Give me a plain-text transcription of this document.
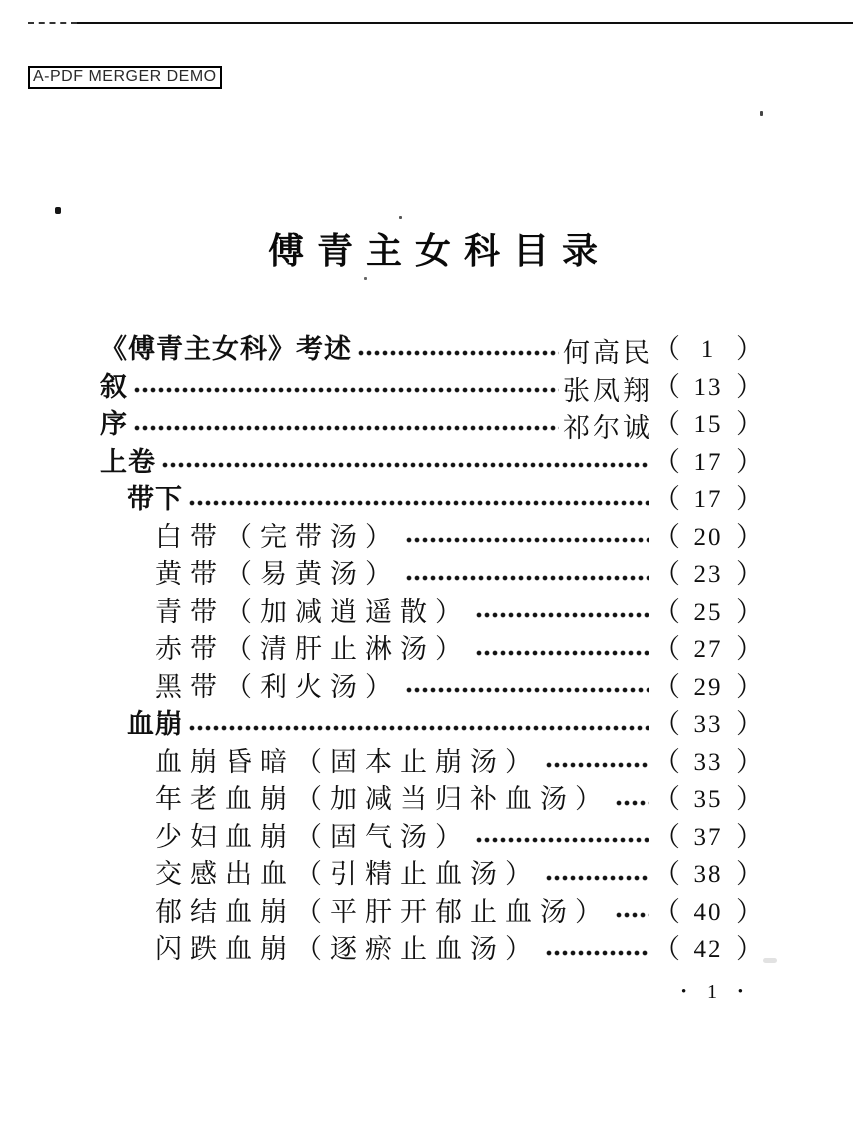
A-PDF MERGER DEMO
傅青主女科目录
《傅青主女科》考述	何高民 （ 1 ）
叙	张凤翔 （ 13 ）
序	祁尔诚 （ 15 ）
上卷	（ 17 ）
带下	（ 17 ）
白带（完带汤）	（ 20 ）
黄带（易黄汤）	（ 23 ）
青带（加减逍遥散）	（ 25 ）
赤带（清肝止淋汤）	（ 27 ）
黑带（利火汤）	（ 29 ）
血崩	（ 33 ）
血崩昏暗（固本止崩汤）	（ 33 ）
年老血崩（加减当归补血汤） （ 35 ）
少妇血崩（固气汤）	（ 37 ）
交感出血（引精止血汤）	（ 38 ）
郁结血崩（平肝开郁止血汤） （ 40 ）
闪跌血崩（逐瘀止血汤）	（ 42 ）
• 1 •
